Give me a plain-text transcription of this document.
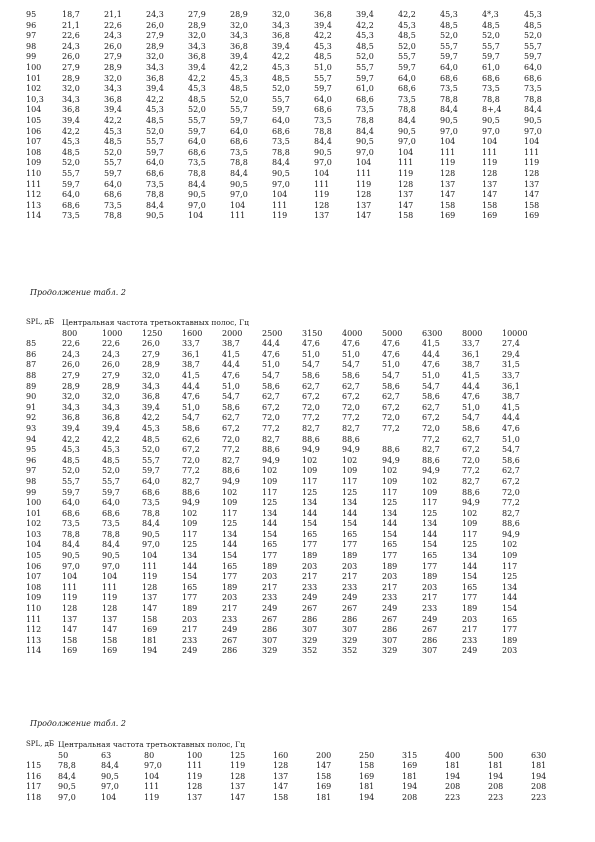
95	18,7	21,1	24,3	27,9	28,9	32,0	36,8	39,4	42,2	45,3	4*,3	45,3
96	21,1	22,6	26,0	28,9	32,0	34,3	39,4	42,2	45,3	48,5	48,5	48,5
97	22,6	24,3	27,9	32,0	34,3	36,8	42,2	45,3	48,5	52,0	52,0	52,0
98	24,3	26,0	28,9	34,3	36,8	39,4	45,3	48,5	52,0	55,7	55,7	55,7
99	26,0	27,9	32,0	36,8	39,4	42,2	48,5	52,0	55,7	59,7	59,7	59,7
100	27,9	28,9	34,3	39,4	42,2	45,3	51,0	55,7	59,7	64,0	61,0	64,0
101	28,9	32,0	36,8	42,2	45,3	48,5	55,7	59,7	64,0	68,6	68,6	68,6
102	32,0	34,3	39,4	45,3	48,5	52,0	59,7	61,0	68,6	73,5	73,5	73,5
10,3	34,3	36,8	42,2	48,5	52,0	55,7	64,0	68,6	73,5	78,8	78,8	78,8
104	36,8	39,4	45,3	52,0	55,7	59,7	68,6	73,5	78,8	84,4	8+,4	84,4
105	39,4	42,2	48,5	55,7	59,7	64,0	73,5	78,8	84,4	90,5	90,5	90,5
106	42,2	45,3	52,0	59,7	64,0	68,6	78,8	84,4	90,5	97,0	97,0	97,0
107	45,3	48,5	55,7	64,0	68,6	73,5	84,4	90,5	97,0	104	104	104
108	48,5	52,0	59,7	68,6	73,5	78,8	90,5	97,0	104	111	111	111
109	52,0	55,7	64,0	73,5	78,8	84,4	97,0	104	111	119	119	119
110	55,7	59,7	68,6	78,8	84,4	90,5	104	111	119	128	128	128
111	59,7	64,0	73,5	84,4	90,5	97,0	111	119	128	137	137	137
112	64,0	68,6	78,8	90,5	97,0	104	119	128	137	147	147	147
113	68,6	73,5	84,4	97,0	104	111	128	137	147	158	158	158
114	73,5	78,8	90,5	104	111	119	137	147	158	169	169	169
Продолжение табл. 2
SPL, дБ	Центральная частота третьоктавных полос, Гц											
	800	1000	1250	1600	2000	2500	3150	4000	5000	6300	8000	10000
85	22,6	22,6	26,0	33,7	38,7	44,4	47,6	47,6	47,6	41,5	33,7	27,4
86	24,3	24,3	27,9	36,1	41,5	47,6	51,0	51,0	47,6	44,4	36,1	29,4
87	26,0	26,0	28,9	38,7	44,4	51,0	54,7	54,7	51,0	47,6	38,7	31,5
88	27,9	27,9	32,0	41,5	47,6	54,7	58,6	58,6	54,7	51,0	41,5	33,7
89	28,9	28,9	34,3	44,4	51,0	58,6	62,7	62,7	58,6	54,7	44,4	36,1
90	32,0	32,0	36,8	47,6	54,7	62,7	67,2	67,2	62,7	58,6	47,6	38,7
91	34,3	34,3	39,4	51,0	58,6	67,2	72,0	72,0	67,2	62,7	51,0	41,5
92	36,8	36,8	42,2	54,7	62,7	72,0	77,2	77,2	72,0	67,2	54,7	44,4
93	39,4	39,4	45,3	58,6	67,2	77,2	82,7	82,7	77,2	72,0	58,6	47,6
94	42,2	42,2	48,5	62,6	72,0	82,7	88,6	88,6		77,2	62,7	51,0
95	45,3	45,3	52,0	67,2	77,2	88,6	94,9	94,9	88,6	82,7	67,2	54,7
96	48,5	48,5	55,7	72,0	82,7	94,9	102	102	94,9	88,6	72,0	58,6
97	52,0	52,0	59,7	77,2	88,6	102	109	109	102	94,9	77,2	62,7
98	55,7	55,7	64,0	82,7	94,9	109	117	117	109	102	82,7	67,2
99	59,7	59,7	68,6	88,6	102	117	125	125	117	109	88,6	72,0
100	64,0	64,0	73,5	94,9	109	125	134	134	125	117	94,9	77,2
101	68,6	68,6	78,8	102	117	134	144	144	134	125	102	82,7
102	73,5	73,5	84,4	109	125	144	154	154	144	134	109	88,6
103	78,8	78,8	90,5	117	134	154	165	165	154	144	117	94,9
104	84,4	84,4	97,0	125	144	165	177	177	165	154	125	102
105	90,5	90,5	104	134	154	177	189	189	177	165	134	109
106	97,0	97,0	111	144	165	189	203	203	189	177	144	117
107	104	104	119	154	177	203	217	217	203	189	154	125
108	111	111	128	165	189	217	233	233	217	203	165	134
109	119	119	137	177	203	233	249	249	233	217	177	144
110	128	128	147	189	217	249	267	267	249	233	189	154
111	137	137	158	203	233	267	286	286	267	249	203	165
112	147	147	169	217	249	286	307	307	286	267	217	177
113	158	158	181	233	267	307	329	329	307	286	233	189
114	169	169	194	249	286	329	352	352	329	307	249	203
Продолжение табл. 2
SPL, дБ	Центральная частота третьоктавных полос, Гц											
	50	63	80	100	125	160	200	250	315	400	500	630
115	78,8	84,4	97,0	111	119	128	147	158	169	181	181	181
116	84,4	90,5	104	119	128	137	158	169	181	194	194	194
117	90,5	97,0	111	128	137	147	169	181	194	208	208	208
118	97,0	104	119	137	147	158	181	194	208	223	223	223
